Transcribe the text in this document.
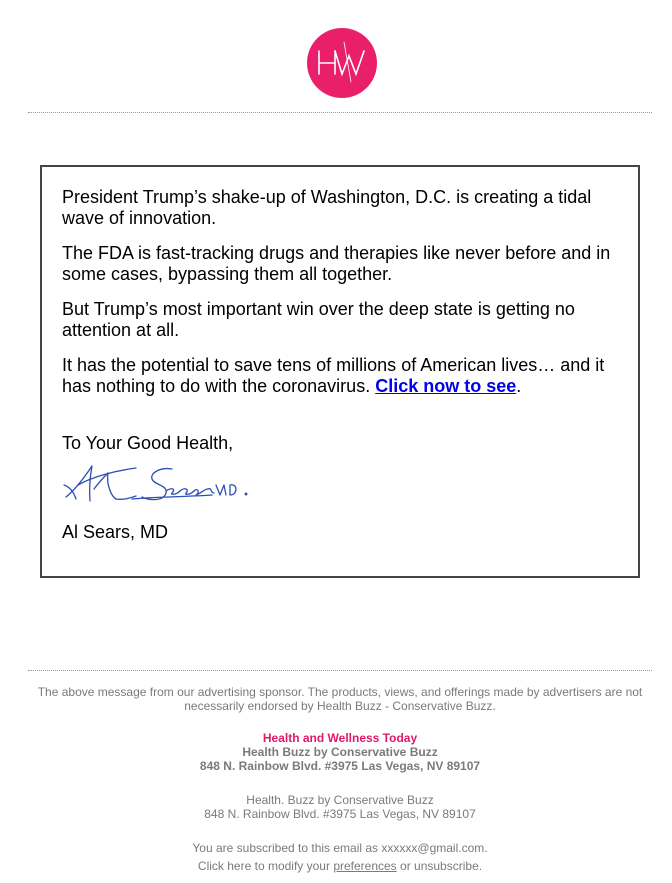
President Trump’s shake-up of Washington, D.C. is creating a tidal wave of innovation.

The FDA is fast-tracking drugs and therapies like never before and in some cases, bypassing them all together.

But Trump’s most important win over the deep state is getting no attention at all.

It has the potential to save tens of millions of American lives… and it has nothing to do with the coronavirus. Click now to see.

To Your Good Health,
Al Sears, MD
The above message from our advertising sponsor. The products, views, and offerings made by advertisers are not necessarily endorsed by Health Buzz - Conservative Buzz.
Health and Wellness Today
Health Buzz by Conservative Buzz
848 N. Rainbow Blvd. #3975 Las Vegas, NV 89107
Health. Buzz by Conservative Buzz
848 N. Rainbow Blvd. #3975 Las Vegas, NV 89107
You are subscribed to this email as xxxxxx@gmail.com.
Click here to modify your preferences or unsubscribe.
